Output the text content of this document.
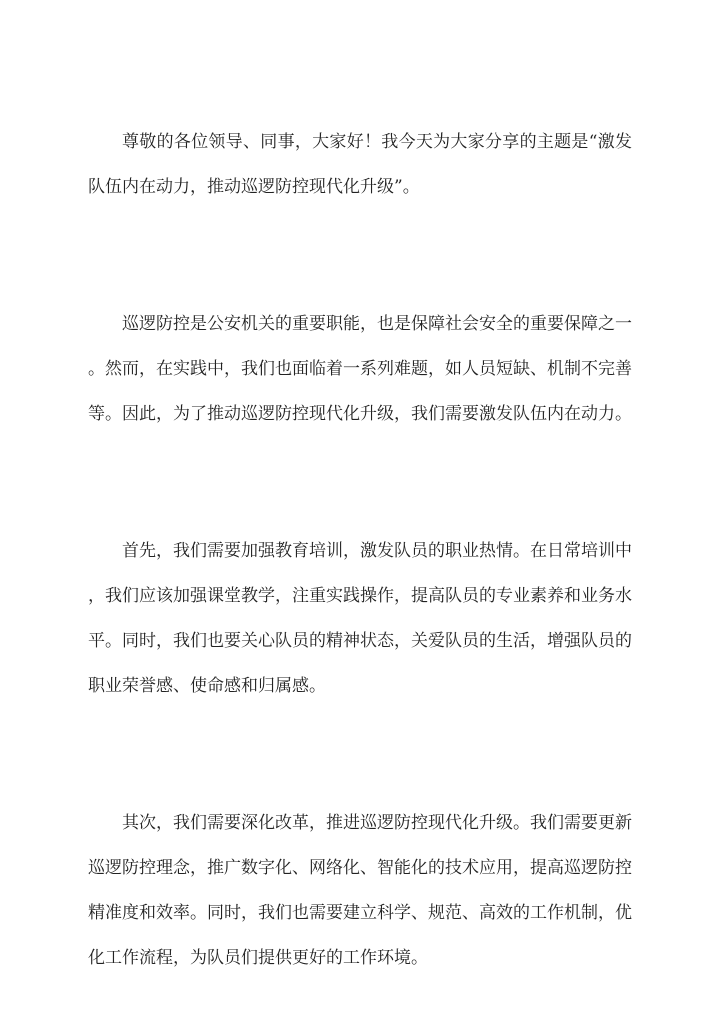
尊敬的各位领导、同事，大家好！我今天为大家分享的主题是“激发队伍内在动力，推动巡逻防控现代化升级”。

巡逻防控是公安机关的重要职能，也是保障社会安全的重要保障之一。然而，在实践中，我们也面临着一系列难题，如人员短缺、机制不完善等。因此，为了推动巡逻防控现代化升级，我们需要激发队伍内在动力。

首先，我们需要加强教育培训，激发队员的职业热情。在日常培训中，我们应该加强课堂教学，注重实践操作，提高队员的专业素养和业务水平。同时，我们也要关心队员的精神状态，关爱队员的生活，增强队员的职业荣誉感、使命感和归属感。

其次，我们需要深化改革，推进巡逻防控现代化升级。我们需要更新巡逻防控理念，推广数字化、网络化、智能化的技术应用，提高巡逻防控精准度和效率。同时，我们也需要建立科学、规范、高效的工作机制，优化工作流程，为队员们提供更好的工作环境。
